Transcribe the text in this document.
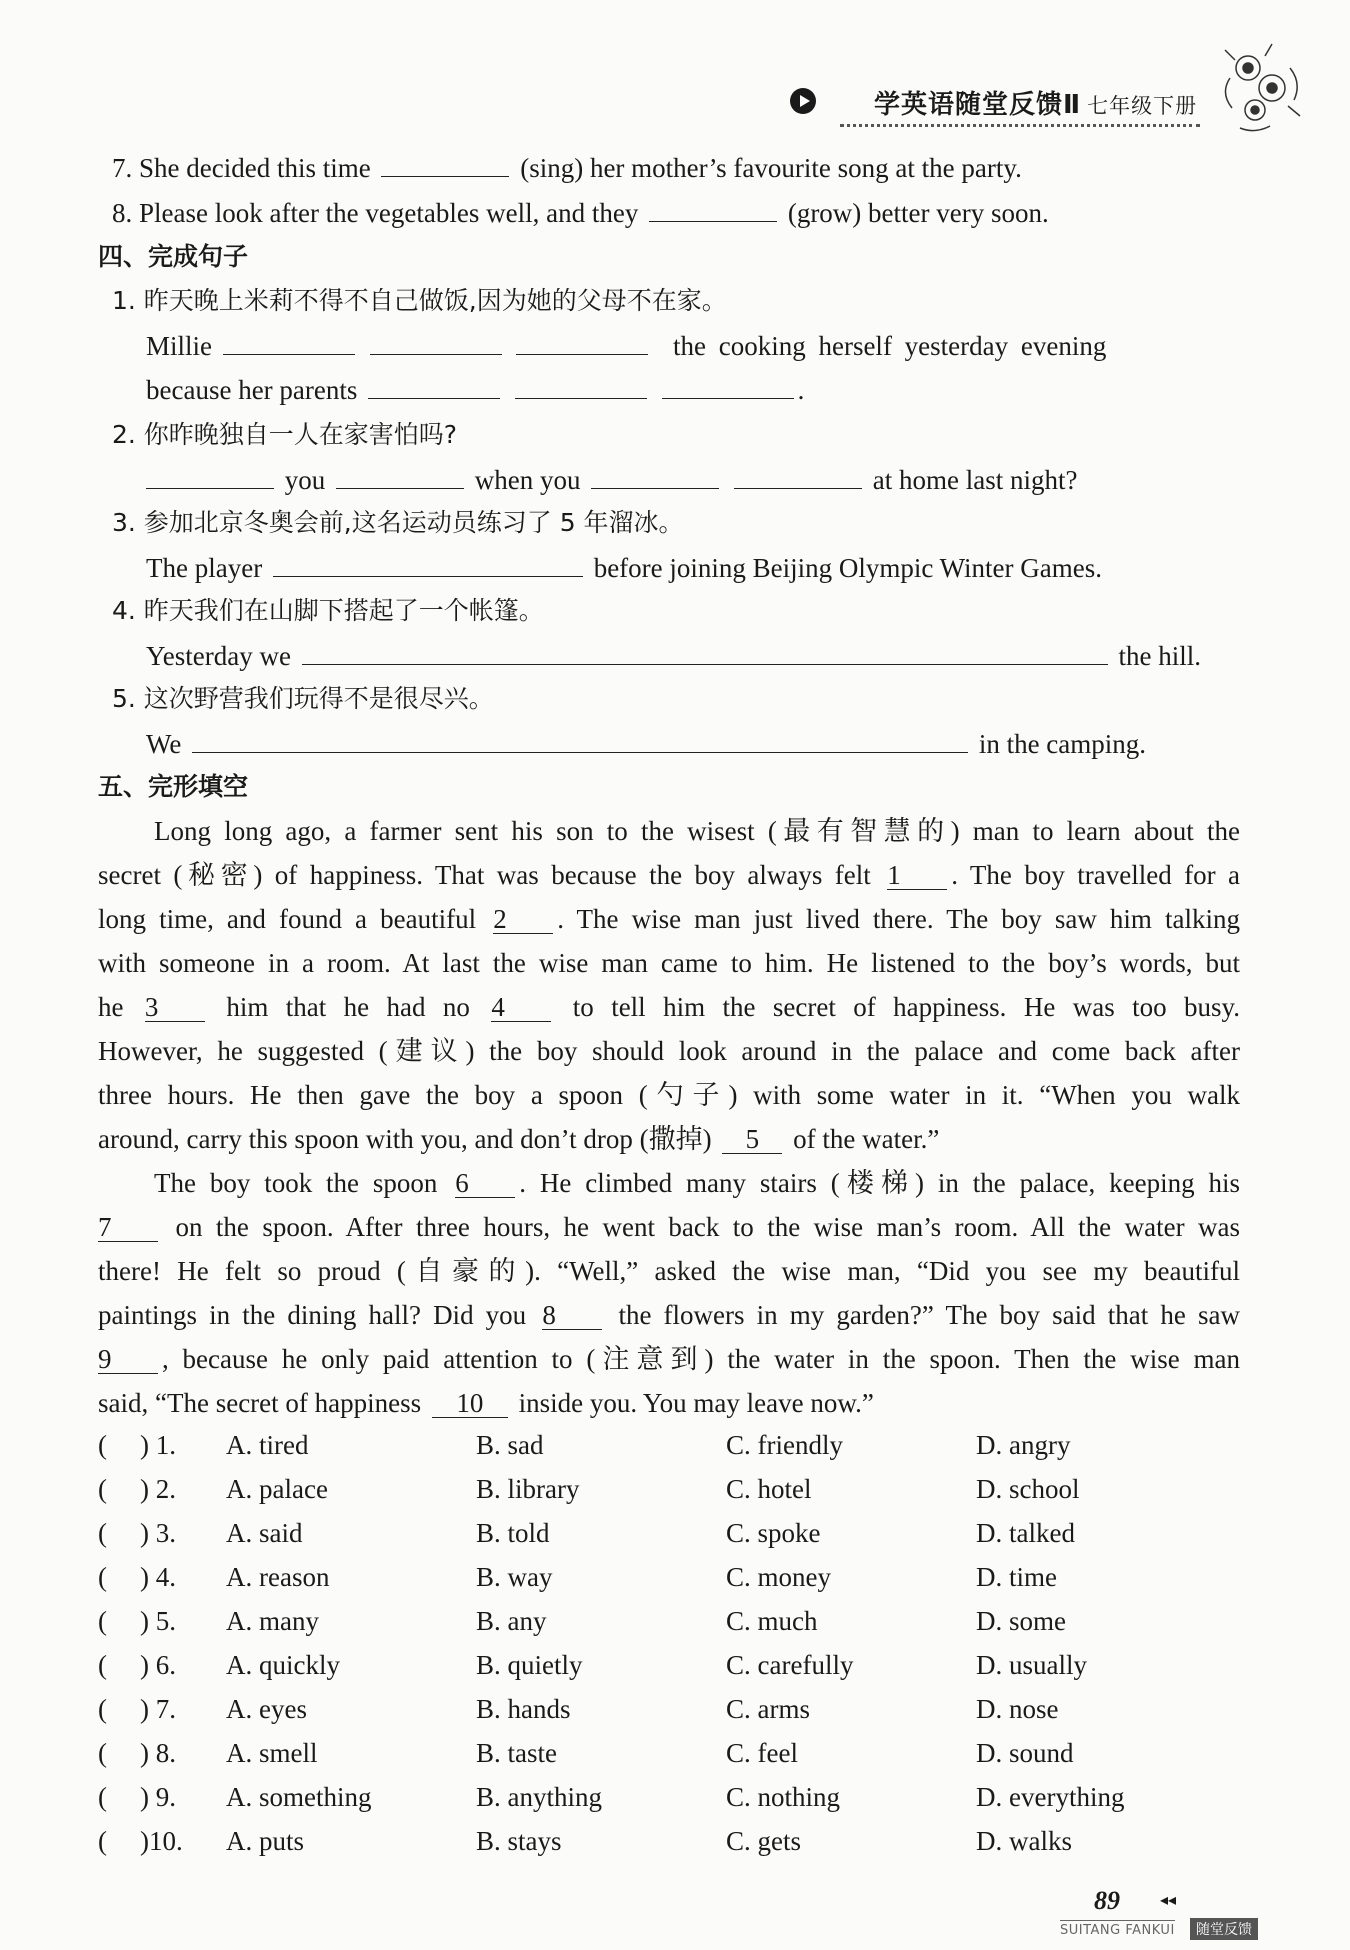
学英语随堂反馈Ⅱ 七年级下册
7. She decided this time	(sing) her mother’s favourite song at the party.
8. Please look after the vegetables well, and they	(grow) better very soon.
四、完成句子
1. 昨天晚上米莉不得不自己做饭,因为她的父母不在家。
Millie	the cooking herself yesterday evening
because her parents	.
2. 你昨晚独自一人在家害怕吗?
you	when you	at home last night?
3. 参加北京冬奥会前,这名运动员练习了 5 年溜冰。
The player	before joining Beijing Olympic Winter Games.
4. 昨天我们在山脚下搭起了一个帐篷。
Yesterday we	the hill.
5. 这次野营我们玩得不是很尽兴。
We	in the camping.
五、完形填空
Long long ago, a farmer sent his son to the wisest (最有智慧的) man to learn about the
secret (秘密) of happiness. That was because the boy always felt 1 . The boy travelled for a
long time, and found a beautiful 2 . The wise man just lived there. The boy saw him talking
with someone in a room. At last the wise man came to him. He listened to the boy’s words, but
he 3	him that he had no 4	to tell him the secret of happiness. He was too busy.
However, he suggested (建议) the boy should look around in the palace and come back after
three hours. He then gave the boy a spoon (勺子) with some water in it. “When you walk
around, carry this spoon with you, and don’t drop (撒掉) 5 of the water.”
The boy took the spoon 6 . He climbed many stairs (楼梯) in the palace, keeping his
7 on the spoon. After three hours, he went back to the wise man’s room. All the water was
there! He felt so proud (自豪的). “Well,” asked the wise man, “Did you see my beautiful
paintings in the dining hall? Did you 8 the flowers in my garden?” The boy said that he saw
9 , because he only paid attention to (注意到) the water in the spoon. Then the wise man
said, “The secret of happiness 10 inside you. You may leave now.”
( ) 1. A. tired	B. sad	C. friendly	D. angry
( ) 2. A. palace	B. library	C. hotel	D. school
( ) 3. A. said	B. told	C. spoke	D. talked
( ) 4. A. reason	B. way	C. money	D. time
( ) 5. A. many	B. any	C. much	D. some
( ) 6. A. quickly	B. quietly	C. carefully	D. usually
( ) 7. A. eyes	B. hands	C. arms	D. nose
( ) 8. A. smell	B. taste	C. feel	D. sound
( ) 9. A. something	B. anything	C. nothing	D. everything
( )10. A. puts	B. stays	C. gets	D. walks
89	◂◂
SUITANG FANKUI	随堂反馈
